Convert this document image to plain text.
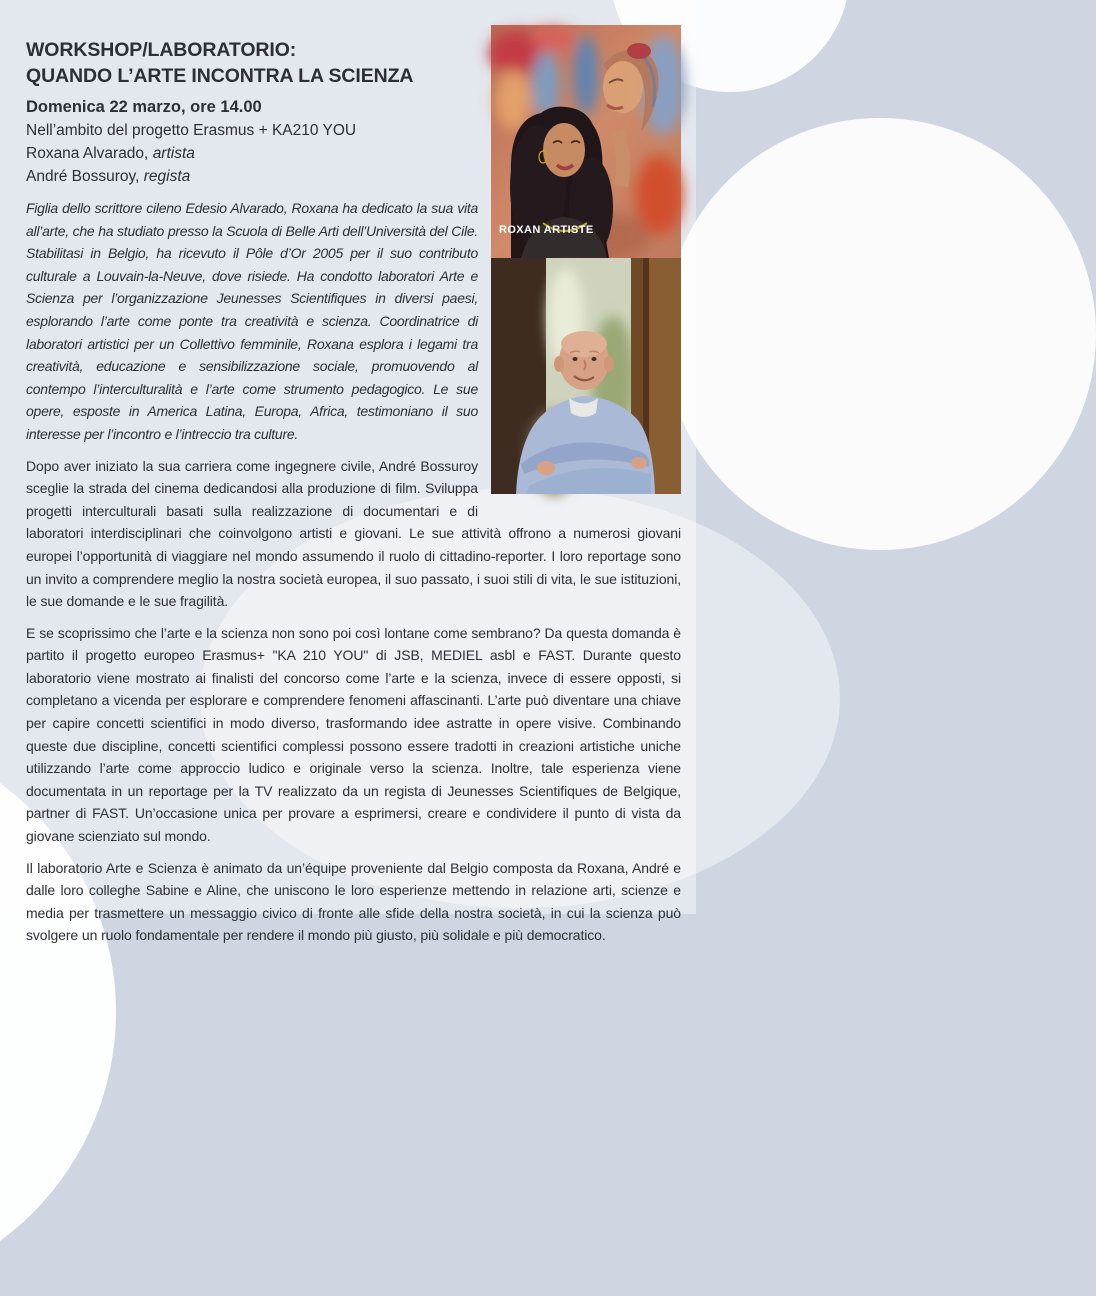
ROXAN ARTISTE
WORKSHOP/LABORATORIO:
QUANDO L’ARTE INCONTRA LA SCIENZA
Domenica 22 marzo, ore 14.00
Nell’ambito del progetto Erasmus + KA210 YOU
Roxana Alvarado, artista
André Bossuroy, regista

Figlia dello scrittore cileno Edesio Alvarado, Roxana ha dedicato la sua vita all’arte, che ha studiato presso la Scuola di Belle Arti dell’Università del Cile. Stabilitasi in Belgio, ha ricevuto il Pôle d’Or 2005 per il suo contributo culturale a Louvain-la-Neuve, dove risiede. Ha condotto laboratori Arte e Scienza per l’organizzazione Jeunesses Scientifiques in diversi paesi, esplorando l’arte come ponte tra creatività e scienza. Coordinatrice di laboratori artistici per un Collettivo femminile, Roxana esplora i legami tra creatività, educazione e sensibilizzazione sociale, promuovendo al contempo l’interculturalità e l’arte come strumento pedagogico. Le sue opere, esposte in America Latina, Europa, Africa, testimoniano il suo interesse per l’incontro e l’intreccio tra culture.

Dopo aver iniziato la sua carriera come ingegnere civile, André Bossuroy sceglie la strada del cinema dedicandosi alla produzione di film. Sviluppa progetti interculturali basati sulla realizzazione di documentari e di laboratori interdisciplinari che coinvolgono artisti e giovani. Le sue attività offrono a numerosi giovani europei l’opportunità di viaggiare nel mondo assumendo il ruolo di cittadino-reporter. I loro reportage sono un invito a comprendere meglio la nostra società europea, il suo passato, i suoi stili di vita, le sue istituzioni, le sue domande e le sue fragilità.

E se scoprissimo che l’arte e la scienza non sono poi così lontane come sembrano? Da questa domanda è partito il progetto europeo Erasmus+ "KA 210 YOU" di JSB, MEDIEL asbl e FAST. Durante questo laboratorio viene mostrato ai finalisti del concorso come l’arte e la scienza, invece di essere opposti, si completano a vicenda per esplorare e comprendere fenomeni affascinanti. L’arte può diventare una chiave per capire concetti scientifici in modo diverso, trasformando idee astratte in opere visive. Combinando queste due discipline, concetti scientifici complessi possono essere tradotti in creazioni artistiche uniche utilizzando l’arte come approccio ludico e originale verso la scienza. Inoltre, tale esperienza viene documentata in un reportage per la TV realizzato da un regista di Jeunesses Scientifiques de Belgique, partner di FAST. Un’occasione unica per provare a esprimersi, creare e condividere il punto di vista da giovane scienziato sul mondo.

Il laboratorio Arte e Scienza è animato da un’équipe proveniente dal Belgio composta da Roxana, André e dalle loro colleghe Sabine e Aline, che uniscono le loro esperienze mettendo in relazione arti, scienze e media per trasmettere un messaggio civico di fronte alle sfide della nostra società, in cui la scienza può svolgere un ruolo fondamentale per rendere il mondo più giusto, più solidale e più democratico.
